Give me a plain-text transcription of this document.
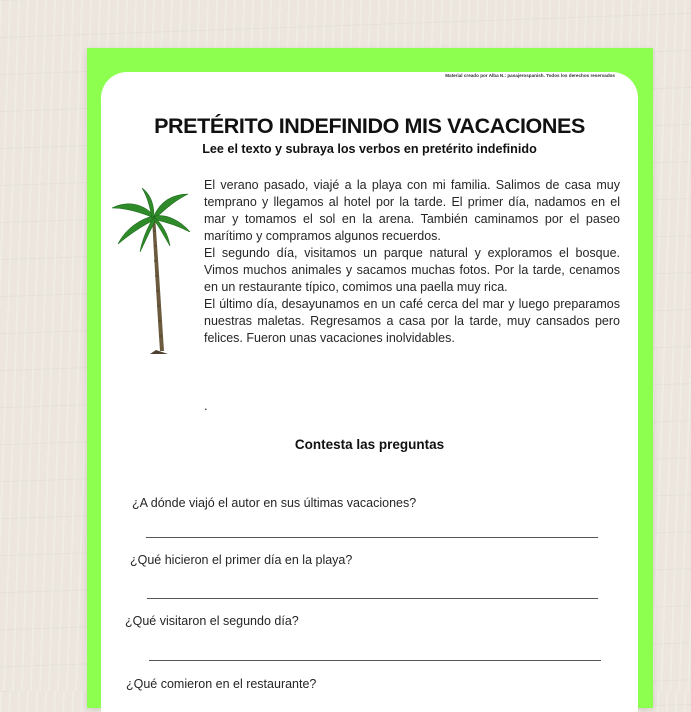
Material creado por Alba N.: pasajerospanish. Todos los derechos reservados
PRETÉRITO INDEFINIDO MIS VACACIONES
Lee el texto y subraya los verbos en pretérito indefinido

El verano pasado, viajé a la playa con mi familia. Salimos de casa muy temprano y llegamos al hotel por la tarde. El primer día, nadamos en el mar y tomamos el sol en la arena. También caminamos por el paseo marítimo y compramos algunos recuerdos.

El segundo día, visitamos un parque natural y exploramos el bosque. Vimos muchos animales y sacamos muchas fotos. Por la tarde, cenamos en un restaurante típico, comimos una paella muy rica.

El último día, desayunamos en un café cerca del mar y luego preparamos nuestras maletas. Regresamos a casa por la tarde, muy cansados pero felices. Fueron unas vacaciones inolvidables.

.
Contesta las preguntas
¿A dónde viajó el autor en sus últimas vacaciones?
¿Qué hicieron el primer día en la playa?
¿Qué visitaron el segundo día?
¿Qué comieron en el restaurante?
